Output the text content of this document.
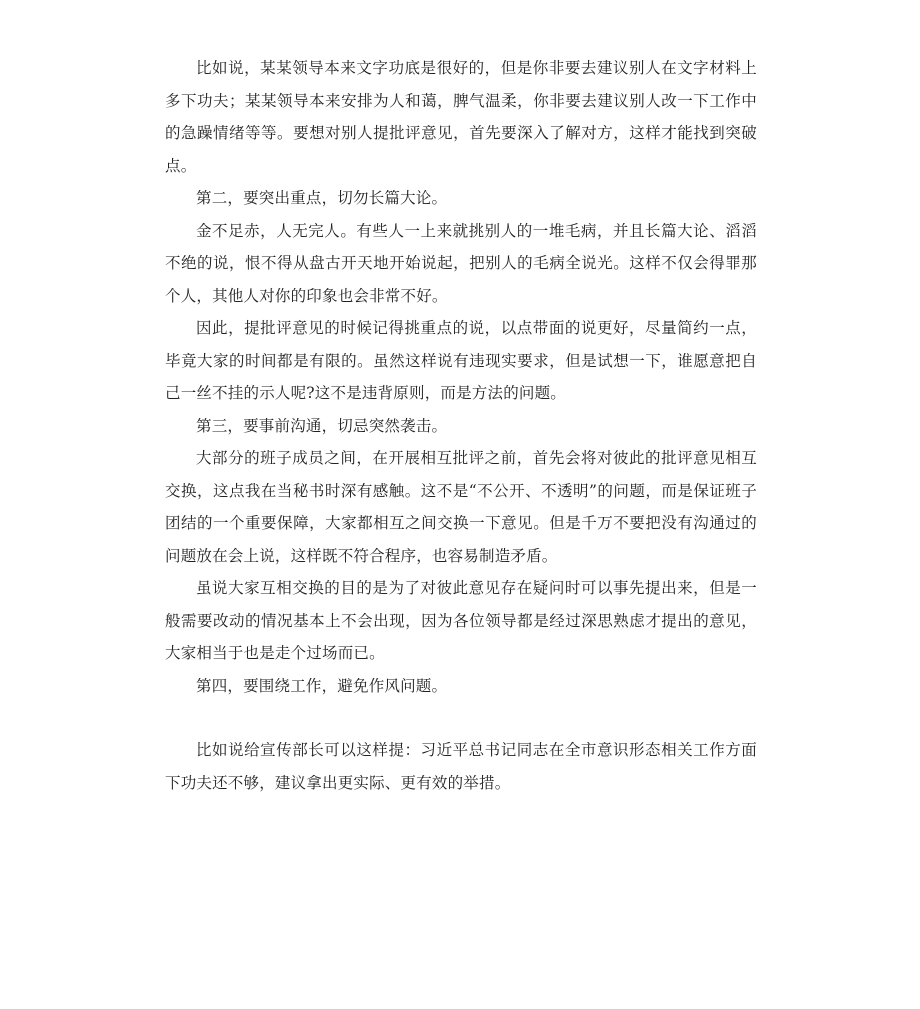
比如说，某某领导本来文字功底是很好的，但是你非要去建议别人在文字材料上多下功夫；某某领导本来安排为人和蔼，脾气温柔，你非要去建议别人改一下工作中的急躁情绪等等。要想对别人提批评意见，首先要深入了解对方，这样才能找到突破点。

第二，要突出重点，切勿长篇大论。

金不足赤，人无完人。有些人一上来就挑别人的一堆毛病，并且长篇大论、滔滔不绝的说，恨不得从盘古开天地开始说起，把别人的毛病全说光。这样不仅会得罪那个人，其他人对你的印象也会非常不好。

因此，提批评意见的时候记得挑重点的说，以点带面的说更好，尽量简约一点，毕竟大家的时间都是有限的。虽然这样说有违现实要求，但是试想一下，谁愿意把自己一丝不挂的示人呢?这不是违背原则，而是方法的问题。

第三，要事前沟通，切忌突然袭击。

大部分的班子成员之间，在开展相互批评之前，首先会将对彼此的批评意见相互交换，这点我在当秘书时深有感触。这不是“不公开、不透明”的问题，而是保证班子团结的一个重要保障，大家都相互之间交换一下意见。但是千万不要把没有沟通过的问题放在会上说，这样既不符合程序，也容易制造矛盾。

虽说大家互相交换的目的是为了对彼此意见存在疑问时可以事先提出来，但是一般需要改动的情况基本上不会出现，因为各位领导都是经过深思熟虑才提出的意见，大家相当于也是走个过场而已。

第四，要围绕工作，避免作风问题。

比如说给宣传部长可以这样提：习近平总书记同志在全市意识形态相关工作方面下功夫还不够，建议拿出更实际、更有效的举措。
